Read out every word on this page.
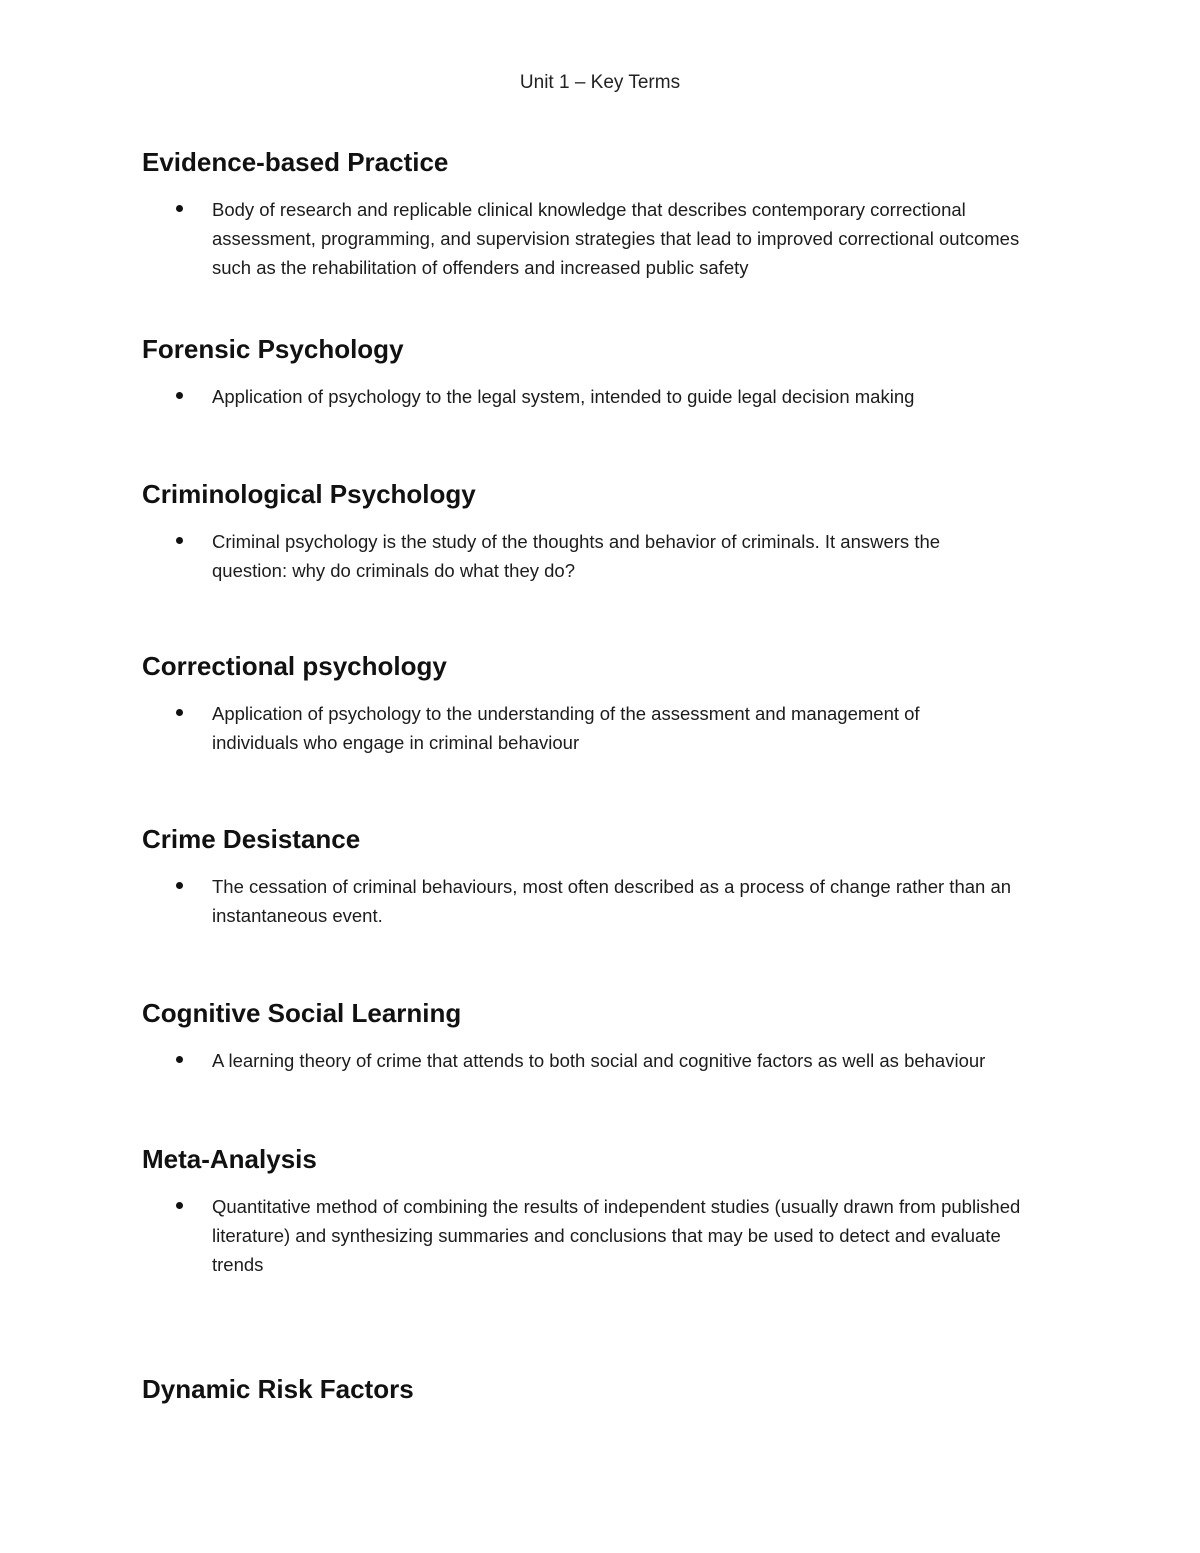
Unit 1 – Key Terms
Evidence-based Practice
Body of research and replicable clinical knowledge that describes contemporary correctional assessment, programming, and supervision strategies that lead to improved correctional outcomes such as the rehabilitation of offenders and increased public safety
Forensic Psychology
Application of psychology to the legal system, intended to guide legal decision making
Criminological Psychology
Criminal psychology is the study of the thoughts and behavior of criminals. It answers the question: why do criminals do what they do?
Correctional psychology
Application of psychology to the understanding of the assessment and management of individuals who engage in criminal behaviour
Crime Desistance
The cessation of criminal behaviours, most often described as a process of change rather than an instantaneous event.
Cognitive Social Learning
A learning theory of crime that attends to both social and cognitive factors as well as behaviour
Meta-Analysis
Quantitative method of combining the results of independent studies (usually drawn from published literature) and synthesizing summaries and conclusions that may be used to detect and evaluate trends
Dynamic Risk Factors
